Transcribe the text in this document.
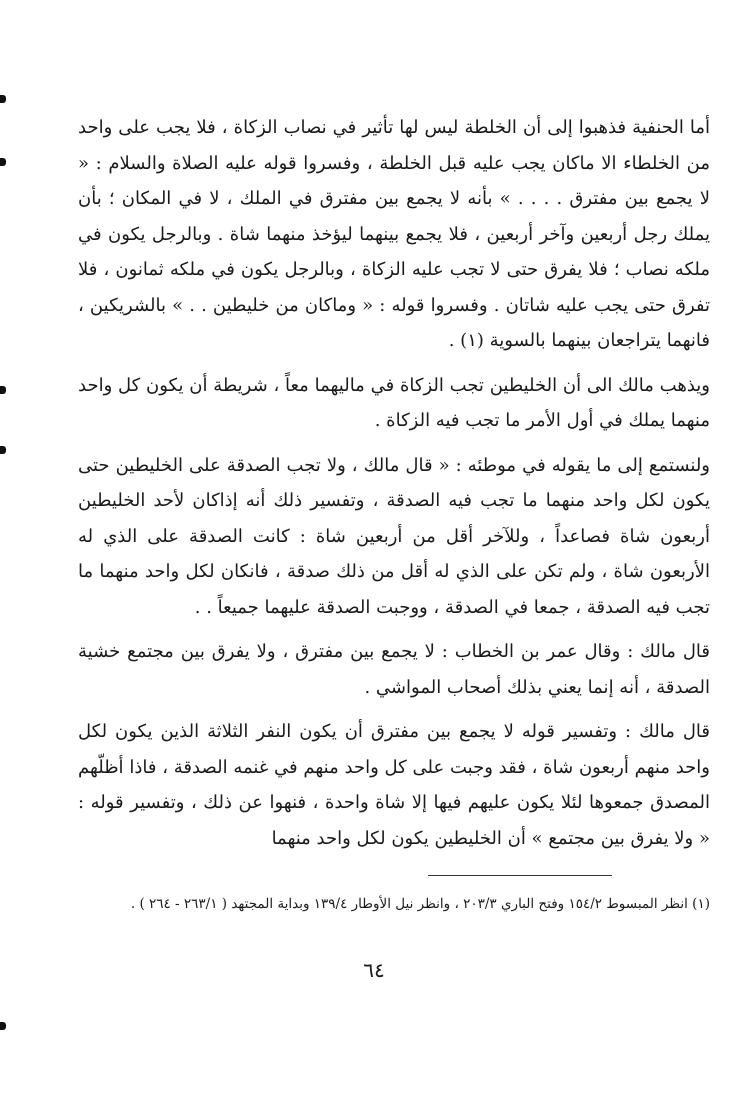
أما الحنفية فذهبوا إلى أن الخلطة ليس لها تأثير في نصاب الزكاة ، فلا يجب على واحد من الخلطاء الا ماكان يجب عليه قبل الخلطة ، وفسروا قوله عليه الصلاة والسلام : « لا يجمع بين مفترق . . . . » بأنه لا يجمع بين مفترق في الملك ، لا في المكان ؛ بأن يملك رجل أربعين وآخر أربعين ، فلا يجمع بينهما ليؤخذ منهما شاة . وبالرجل يكون في ملكه نصاب ؛ فلا يفرق حتى لا تجب عليه الزكاة ، وبالرجل يكون في ملكه ثمانون ، فلا تفرق حتى يجب عليه شاتان . وفسروا قوله : « وماكان من خليطين . . » بالشريكين ، فانهما يتراجعان بينهما بالسوية (١) .

ويذهب مالك الى أن الخليطين تجب الزكاة في ماليهما معاً ، شريطة أن يكون كل واحد منهما يملك في أول الأمر ما تجب فيه الزكاة .

ولنستمع إلى ما يقوله في موطئه : « قال مالك ، ولا تجب الصدقة على الخليطين حتى يكون لكل واحد منهما ما تجب فيه الصدقة ، وتفسير ذلك أنه إذاكان لأحد الخليطين أربعون شاة فصاعداً ، وللآخر أقل من أربعين شاة : كانت الصدقة على الذي له الأربعون شاة ، ولم تكن على الذي له أقل من ذلك صدقة ، فانكان لكل واحد منهما ما تجب فيه الصدقة ، جمعا في الصدقة ، ووجبت الصدقة عليهما جميعاً . .

قال مالك : وقال عمر بن الخطاب : لا يجمع بين مفترق ، ولا يفرق بين مجتمع خشية الصدقة ، أنه إنما يعني بذلك أصحاب المواشي .

قال مالك : وتفسير قوله لا يجمع بين مفترق أن يكون النفر الثلاثة الذين يكون لكل واحد منهم أربعون شاة ، فقد وجبت على كل واحد منهم في غنمه الصدقة ، فاذا أظلّهم المصدق جمعوها لئلا يكون عليهم فيها إلا شاة واحدة ، فنهوا عن ذلك ، وتفسير قوله : « ولا يفرق بين مجتمع » أن الخليطين يكون لكل واحد منهما

(١) انظر المبسوط ١٥٤/٢ وفتح الباري ٢٠٣/٣ ، وانظر نيل الأوطار ١٣٩/٤ وبداية المجتهد ( ٢٦٣/١ - ٢٦٤ ) .
٦٤
